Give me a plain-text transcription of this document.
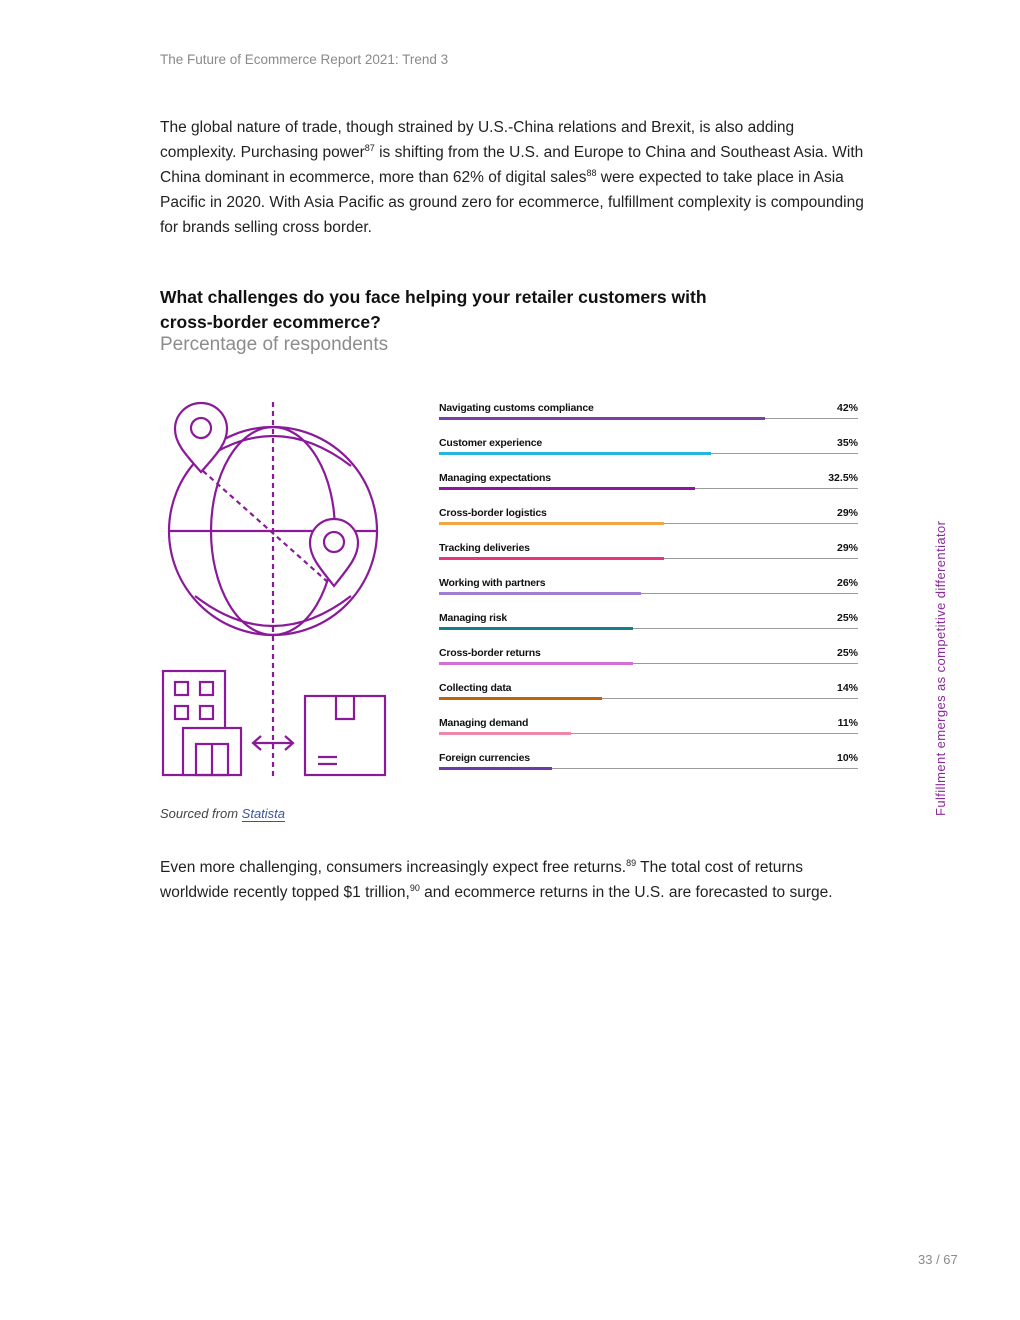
The Future of Ecommerce Report 2021: Trend 3

The global nature of trade, though strained by U.S.-China relations and Brexit, is also adding complexity. Purchasing power$^{87}$ is shifting from the U.S. and Europe to China and Southeast Asia. With China dominant in ecommerce, more than 62% of digital sales$^{88}$ were expected to take place in Asia Pacific in 2020. With Asia Pacific as ground zero for ecommerce, fulfillment complexity is compounding for brands selling cross border.

What challenges do you face helping your retailer customers with cross-border ecommerce?
Percentage of respondents
Navigating customs compliance	42%
Customer experience	35%
Managing expectations	32.5%
Cross-border logistics	29%
Tracking deliveries	29%
Working with partners	26%
Managing risk	25%
Cross-border returns	25%
Collecting data	14%
Managing demand	11%
Foreign currencies	10%
Sourced from Statista

Even more challenging, consumers increasingly expect free returns.$^{89}$ The total cost of returns worldwide recently topped $1 trillion,$^{90}$ and ecommerce returns in the U.S. are forecasted to surge.

Fulfillment emerges as competitive differentiator
33 / 67
